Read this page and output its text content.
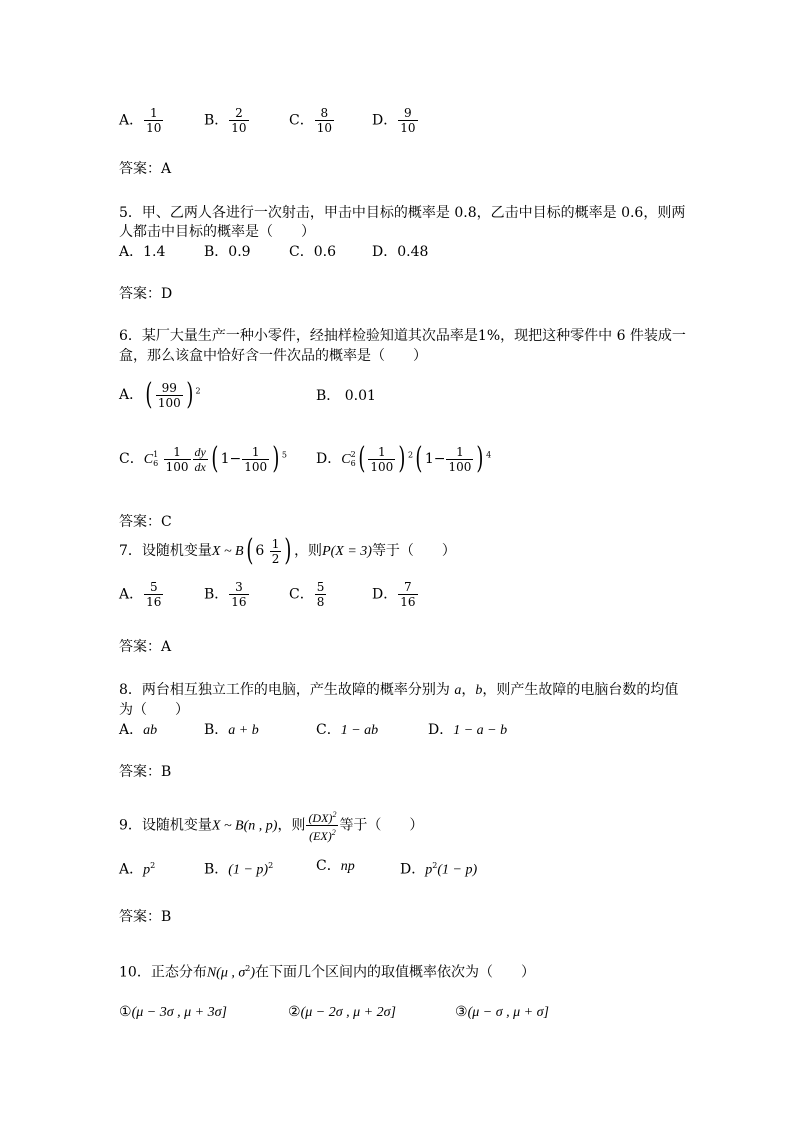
A． $\frac{1}{10}$	B． $\frac{2}{10}$	C． $\frac{8}{10}$	D． $\frac{9}{10}$
答案：A
5．甲、乙两人各进行一次射击，甲击中目标的概率是 0.8，乙击中目标的概率是 0.6，则两
人都击中目标的概率是（　　）
A．1.4	B．0.9	C．0.6	D．0.48
答案：D
6．某厂大量生产一种小零件，经抽样检验知道其次品率是1%，现把这种零件中 6 件装成一
盒，那么该盒中恰好含一件次品的概率是（　　）
A．( $\frac{99}{100}$ ) $^2$	B． 0.01
C．C 1
6
$\frac{1}{100} \frac{dy}{dx}$ ( $1- \frac{1}{100}$ ) $^5$ D．C 2
6 ( $\frac{1}{100}$ ) $^2$( $1- \frac{1}{100}$ ) $^4$
答案：C
7．设随机变量X ~ B( $6 \frac{1}{2}$ ) ，则P(X = 3)等于（　　）
A． $\frac{5}{16}$	B． $\frac{3}{16}$	C． $\frac{5}{8}$	D． $\frac{7}{16}$
答案：A
8．两台相互独立工作的电脑，产生故障的概率分别为 a，b，则产生故障的电脑台数的均值
为（　　）
A．ab	B．a + b	C．1 − ab	D．1 − a − b
答案：B
9．设随机变量X ~ B(n , p)，则 $\frac{(DX)^2}{(EX)^2}$ 等于（　　）
A．$p^2$	B．$(1 - p)^2$	C．np	D．$p^2(1 - p)$
答案：B
10．正态分布N(μ , $\sigma^2$)在下面几个区间内的取值概率依次为（　　）
①(μ − 3σ , μ + 3σ]	②(μ − 2σ , μ + 2σ]	③(μ − σ , μ + σ]
